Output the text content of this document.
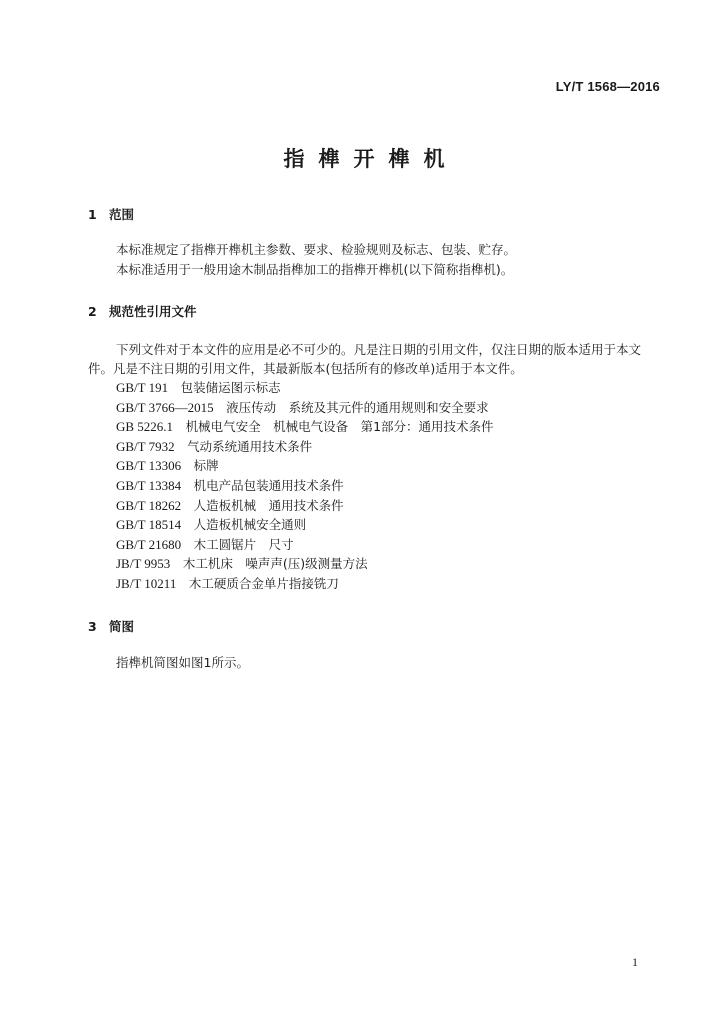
LY/T 1568—2016
指榫开榫机
1 范围
本标准规定了指榫开榫机主参数、要求、检验规则及标志、包装、贮存。
本标准适用于一般用途木制品指榫加工的指榫开榫机(以下简称指榫机)。
2 规范性引用文件
下列文件对于本文件的应用是必不可少的。凡是注日期的引用文件，仅注日期的版本适用于本文
件。凡是不注日期的引用文件，其最新版本(包括所有的修改单)适用于本文件。
GB/T 191　 包装储运图示标志
GB/T 3766—2015　 液压传动　系统及其元件的通用规则和安全要求
GB 5226.1　 机械电气安全　机械电气设备　第1部分：通用技术条件
GB/T 7932　 气动系统通用技术条件
GB/T 13306　 标牌
GB/T 13384　 机电产品包装通用技术条件
GB/T 18262　 人造板机械　通用技术条件
GB/T 18514　 人造板机械安全通则
GB/T 21680　 木工圆锯片　尺寸
JB/T 9953　 木工机床　噪声声(压)级测量方法
JB/T 10211　 木工硬质合金单片指接铣刀
3 简图
指榫机简图如图1所示。
1
